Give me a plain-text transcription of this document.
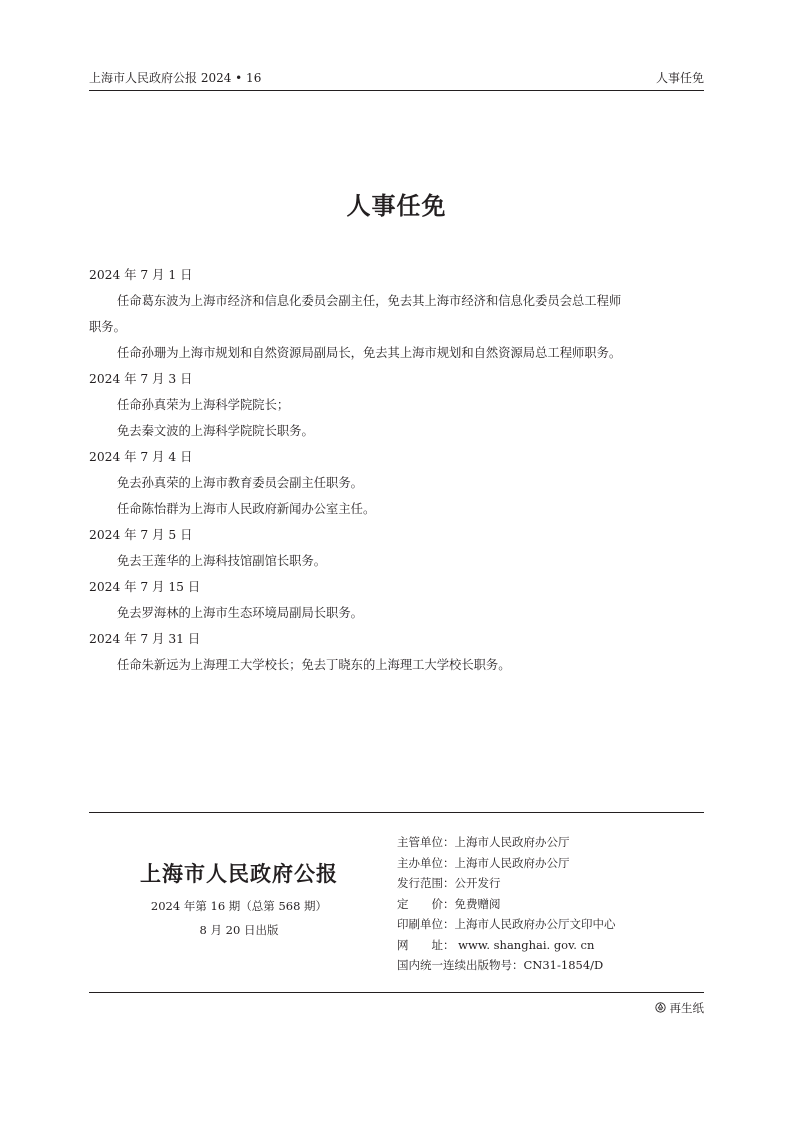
上海市人民政府公报 2024 • 16	人事任免
人事任免

2024 年 7 月 1 日

任命葛东波为上海市经济和信息化委员会副主任，免去其上海市经济和信息化委员会总工程师

职务。

任命孙珊为上海市规划和自然资源局副局长，免去其上海市规划和自然资源局总工程师职务。

2024 年 7 月 3 日

任命孙真荣为上海科学院院长；

免去秦文波的上海科学院院长职务。

2024 年 7 月 4 日

免去孙真荣的上海市教育委员会副主任职务。

任命陈怡群为上海市人民政府新闻办公室主任。

2024 年 7 月 5 日

免去王莲华的上海科技馆副馆长职务。

2024 年 7 月 15 日

免去罗海林的上海市生态环境局副局长职务。

2024 年 7 月 31 日

任命朱新远为上海理工大学校长；免去丁晓东的上海理工大学校长职务。

上海市人民政府公报
2024 年第 16 期（总第 568 期）
8 月 20 日出版
主管单位：上海市人民政府办公厅
主办单位：上海市人民政府办公厅
发行范围：公开发行
定　　价：免费赠阅
印刷单位：上海市人民政府办公厅文印中心
网　　址： www. shanghai. gov. cn
国内统一连续出版物号：CN31-1854/D
再生纸
